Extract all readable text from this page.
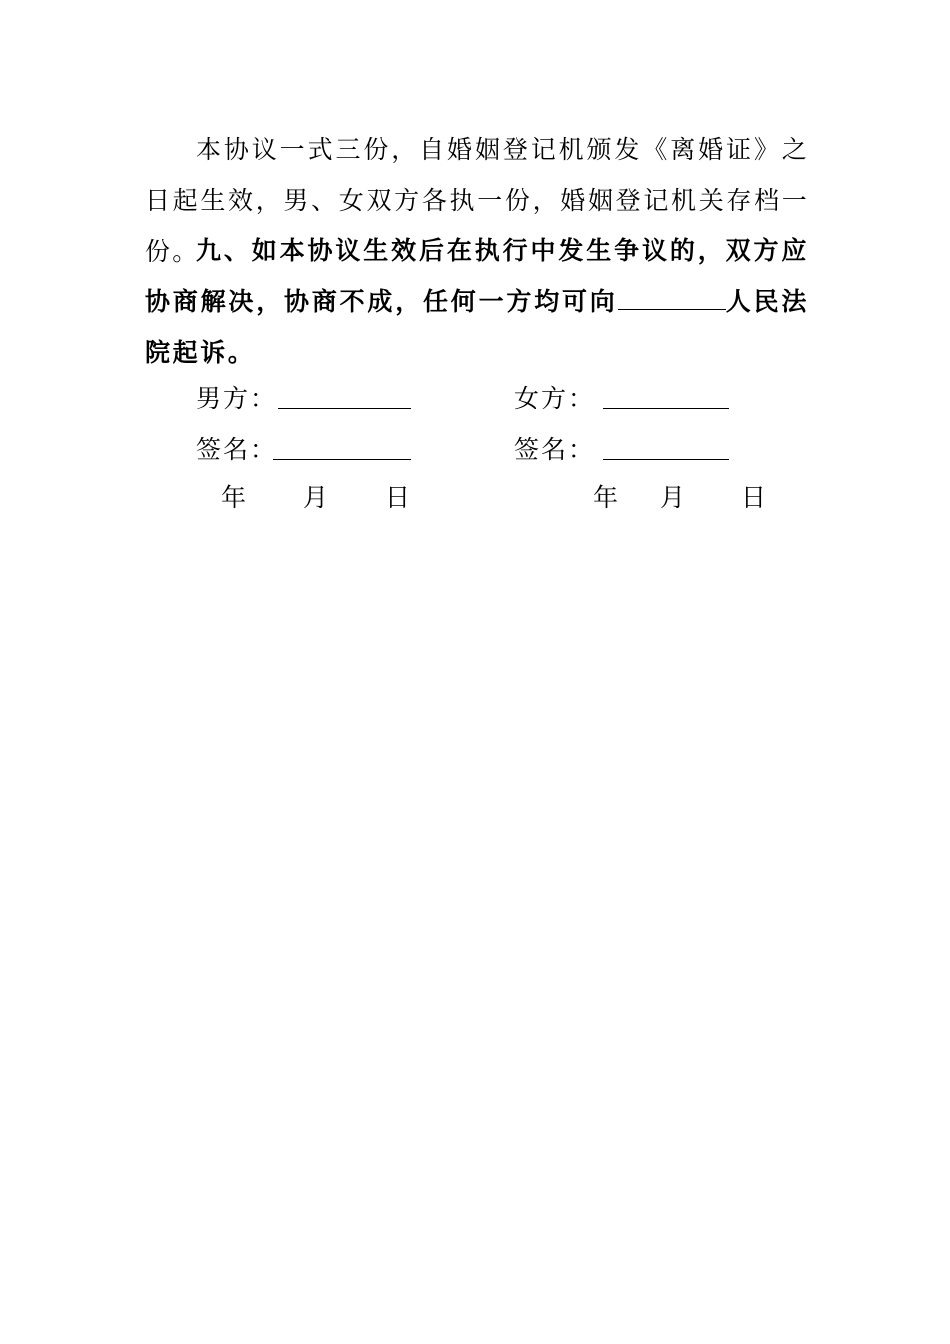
本协议一式三份，自婚姻登记机颁发《离婚证》之日起生效，男、女双方各执一份，婚姻登记机关存档一份。

九、如本协议生效后在执行中发生争议的，双方应协商解决，协商不成，任何一方均可向	人民法院起诉。

男方：	女方：
签名：	签名：
年 月 日	年 月 日
